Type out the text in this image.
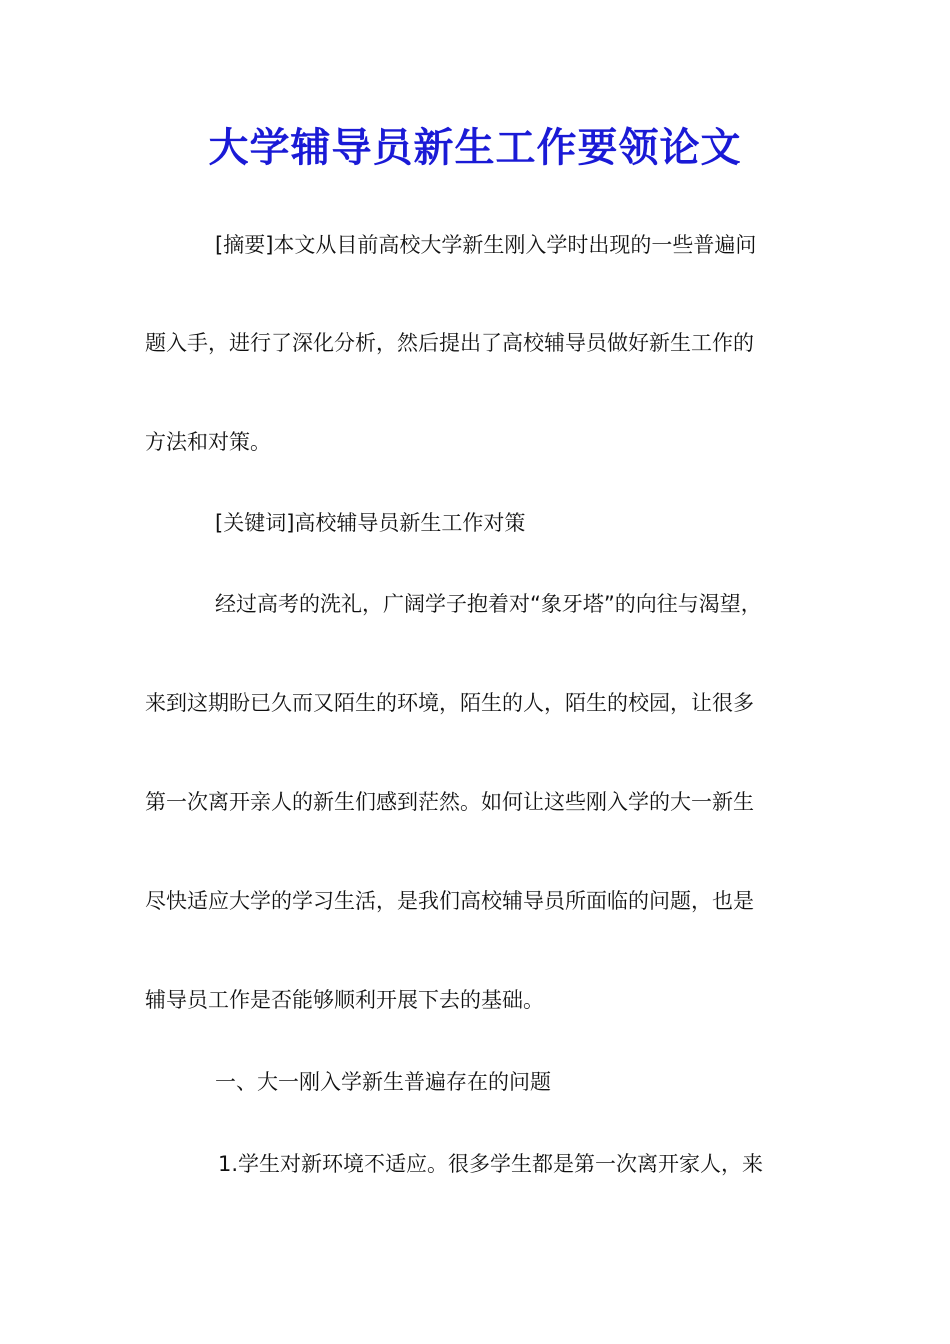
大学辅导员新生工作要领论文
[摘要]本文从目前高校大学新生刚入学时出现的一些普遍问
题入手，进行了深化分析，然后提出了高校辅导员做好新生工作的
方法和对策。
[关键词]高校辅导员新生工作对策
经过高考的洗礼，广阔学子抱着对“象牙塔”的向往与渴望，
来到这期盼已久而又陌生的环境，陌生的人，陌生的校园，让很多
第一次离开亲人的新生们感到茫然。如何让这些刚入学的大一新生
尽快适应大学的学习生活，是我们高校辅导员所面临的问题，也是
辅导员工作是否能够顺利开展下去的基础。
一、大一刚入学新生普遍存在的问题
1.学生对新环境不适应。很多学生都是第一次离开家人，来
